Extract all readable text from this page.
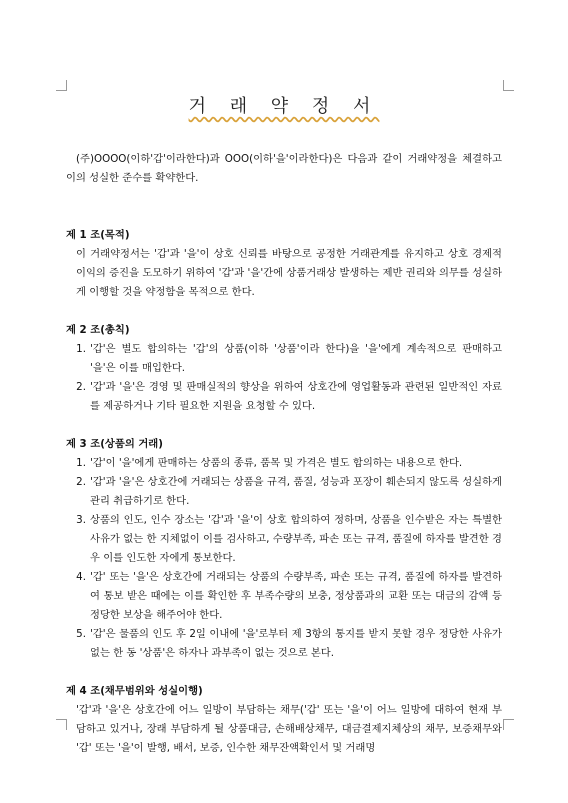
거 래 약 정 서

(주)OOOO(이하'갑'이라한다)과 OOO(이하'을'이라한다)은 다음과 같이 거래약정을 체결하고 이의 성실한 준수를 확약한다.

제 1 조(목적)

이 거래약정서는 '갑'과 '을'이 상호 신뢰를 바탕으로 공정한 거래관계를 유지하고 상호 경제적 이익의 증진을 도모하기 위하여 '갑'과 '을'간에 상품거래상 발생하는 제반 권리와 의무를 성실하게 이행할 것을 약정함을 목적으로 한다.

제 2 조(총칙)

1. '갑'은 별도 합의하는 '갑'의 상품(이하 '상품'이라 한다)을 '을'에게 계속적으로 판매하고 '을'은 이를 매입한다.
2. '갑'과 '을'은 경영 및 판매실적의 향상을 위하여 상호간에 영업활동과 관련된 일반적인 자료를 제공하거나 기타 필요한 지원을 요청할 수 있다.

제 3 조(상품의 거래)

1. '갑'이 '을'에게 판매하는 상품의 종류, 품목 및 가격은 별도 합의하는 내용으로 한다.
2. '갑'과 '을'은 상호간에 거래되는 상품을 규격, 품질, 성능과 포장이 훼손되지 않도록 성실하게 관리 취급하기로 한다.
3. 상품의 인도, 인수 장소는 '갑'과 '을'이 상호 합의하여 정하며, 상품을 인수받은 자는 특별한 사유가 없는 한 지체없이 이를 검사하고, 수량부족, 파손 또는 규격, 품질에 하자를 발견한 경우 이를 인도한 자에게 통보한다.
4. '갑' 또는 '을'은 상호간에 거래되는 상품의 수량부족, 파손 또는 규격, 품질에 하자를 발견하여 통보 받은 때에는 이를 확인한 후 부족수량의 보충, 정상품과의 교환 또는 대금의 감액 등 정당한 보상을 해주어야 한다.
5. '갑'은 물품의 인도 후 2일 이내에 '을'로부터 제 3항의 통지를 받지 못할 경우 정당한 사유가 없는 한 동 '상품'은 하자나 과부족이 없는 것으로 본다.

제 4 조(채무범위와 성실이행)

'갑'과 '을'은 상호간에 어느 일방이 부담하는 채무('갑' 또는 '을'이 어느 일방에 대하여 현재 부담하고 있거나, 장래 부담하게 될 상품대금, 손해배상채무, 대금결제지체상의 채무, 보증채무와 '갑' 또는 '을'이 발행, 배서, 보증, 인수한 채무잔액확인서 및 거래명
